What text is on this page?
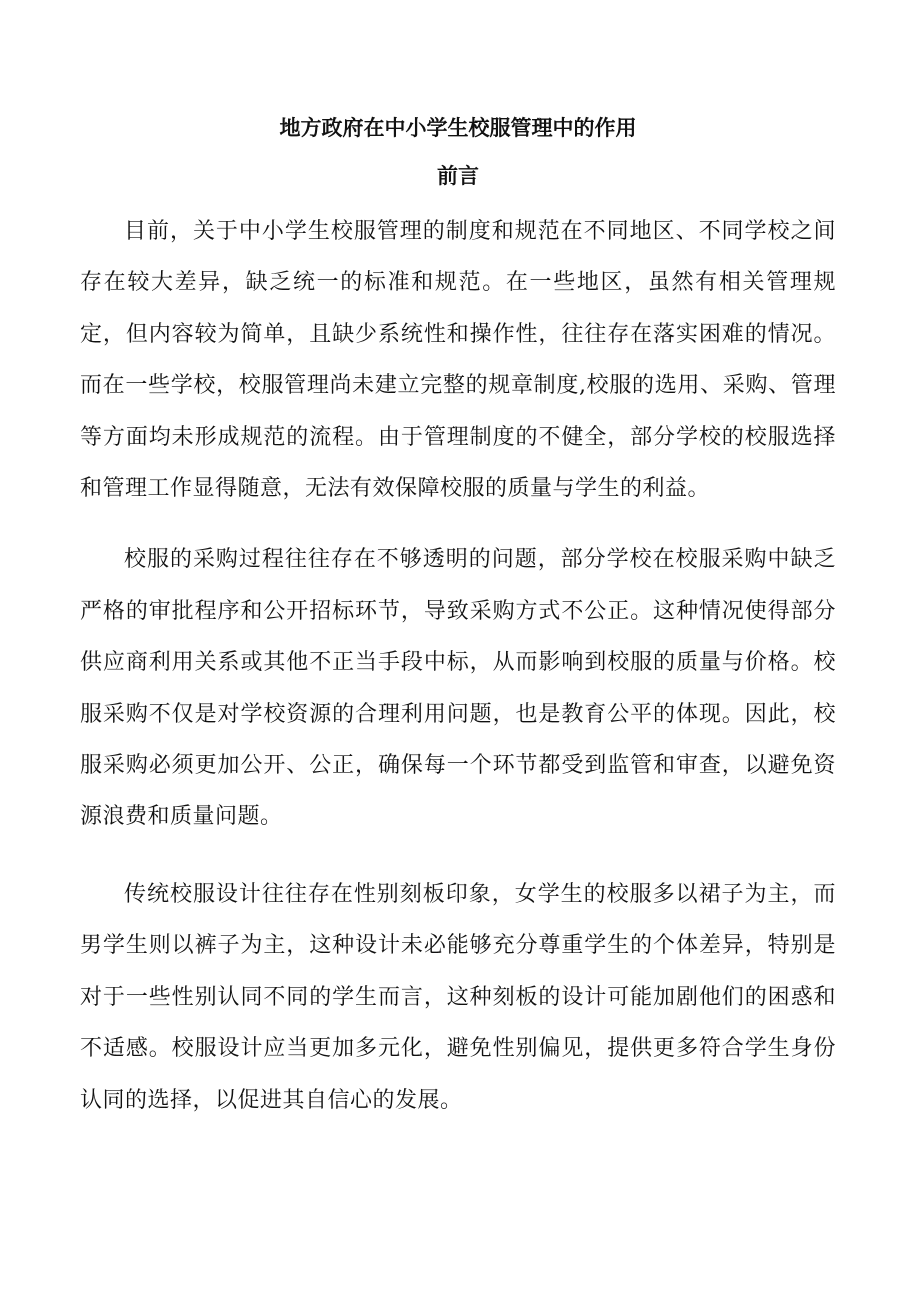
地方政府在中小学生校服管理中的作用
前言

目前，关于中小学生校服管理的制度和规范在不同地区、不同学校之间存在较大差异，缺乏统一的标准和规范。在一些地区，虽然有相关管理规定，但内容较为简单，且缺少系统性和操作性，往往存在落实困难的情况。而在一些学校，校服管理尚未建立完整的规章制度,校服的选用、采购、管理等方面均未形成规范的流程。由于管理制度的不健全，部分学校的校服选择和管理工作显得随意，无法有效保障校服的质量与学生的利益。

校服的采购过程往往存在不够透明的问题，部分学校在校服采购中缺乏严格的审批程序和公开招标环节，导致采购方式不公正。这种情况使得部分供应商利用关系或其他不正当手段中标，从而影响到校服的质量与价格。校服采购不仅是对学校资源的合理利用问题，也是教育公平的体现。因此，校服采购必须更加公开、公正，确保每一个环节都受到监管和审查，以避免资源浪费和质量问题。

传统校服设计往往存在性别刻板印象，女学生的校服多以裙子为主，而男学生则以裤子为主，这种设计未必能够充分尊重学生的个体差异，特别是对于一些性别认同不同的学生而言，这种刻板的设计可能加剧他们的困惑和不适感。校服设计应当更加多元化，避免性别偏见，提供更多符合学生身份认同的选择，以促进其自信心的发展。
